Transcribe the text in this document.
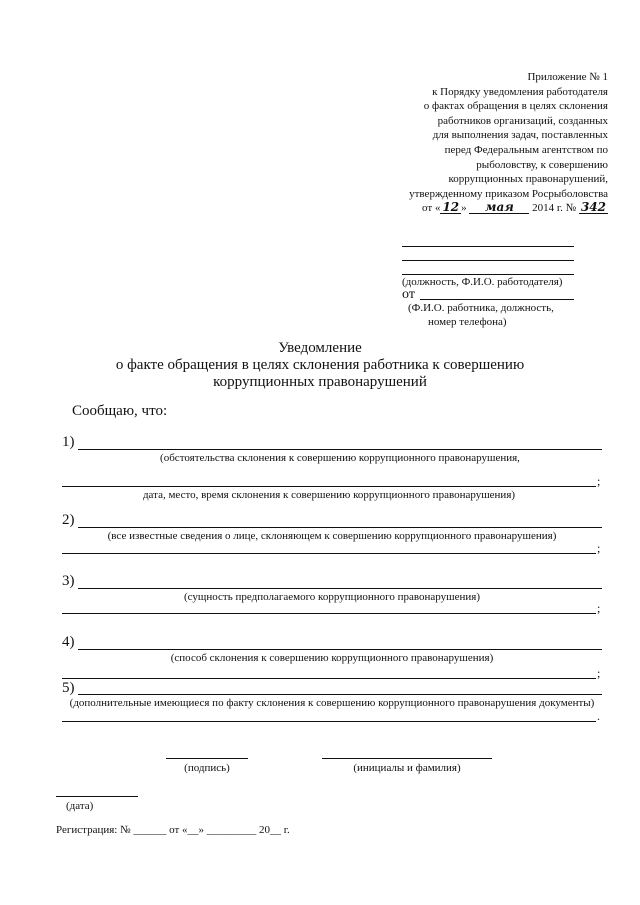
Приложение № 1
к Порядку уведомления работодателя
о фактах обращения в целях склонения
работников организаций, созданных
для выполнения задач, поставленных
перед Федеральным агентством по
рыболовству, к совершению
коррупционных правонарушений,
утвержденному приказом Росрыболовства
от « 12 » мая 2014 г. № 342
(должность, Ф.И.О. работодателя)
от
(Ф.И.О. работника, должность,
номер телефона)
Уведомление
о факте обращения в целях склонения работника к совершению
коррупционных правонарушений
Сообщаю, что:
1)
(обстоятельства склонения к совершению коррупционного правонарушения,
;
дата, место, время склонения к совершению коррупционного правонарушения)
2)
(все известные сведения о лице, склоняющем к совершению коррупционного правонарушения)
;
3)
(сущность предполагаемого коррупционного правонарушения)
;
4)
(способ склонения к совершению коррупционного правонарушения)
;
5)
(дополнительные имеющиеся по факту склонения к совершению коррупционного правонарушения документы)
.
(подпись)	(инициалы и фамилия)
(дата)
Регистрация: № ______ от «__» _________ 20__ г.
